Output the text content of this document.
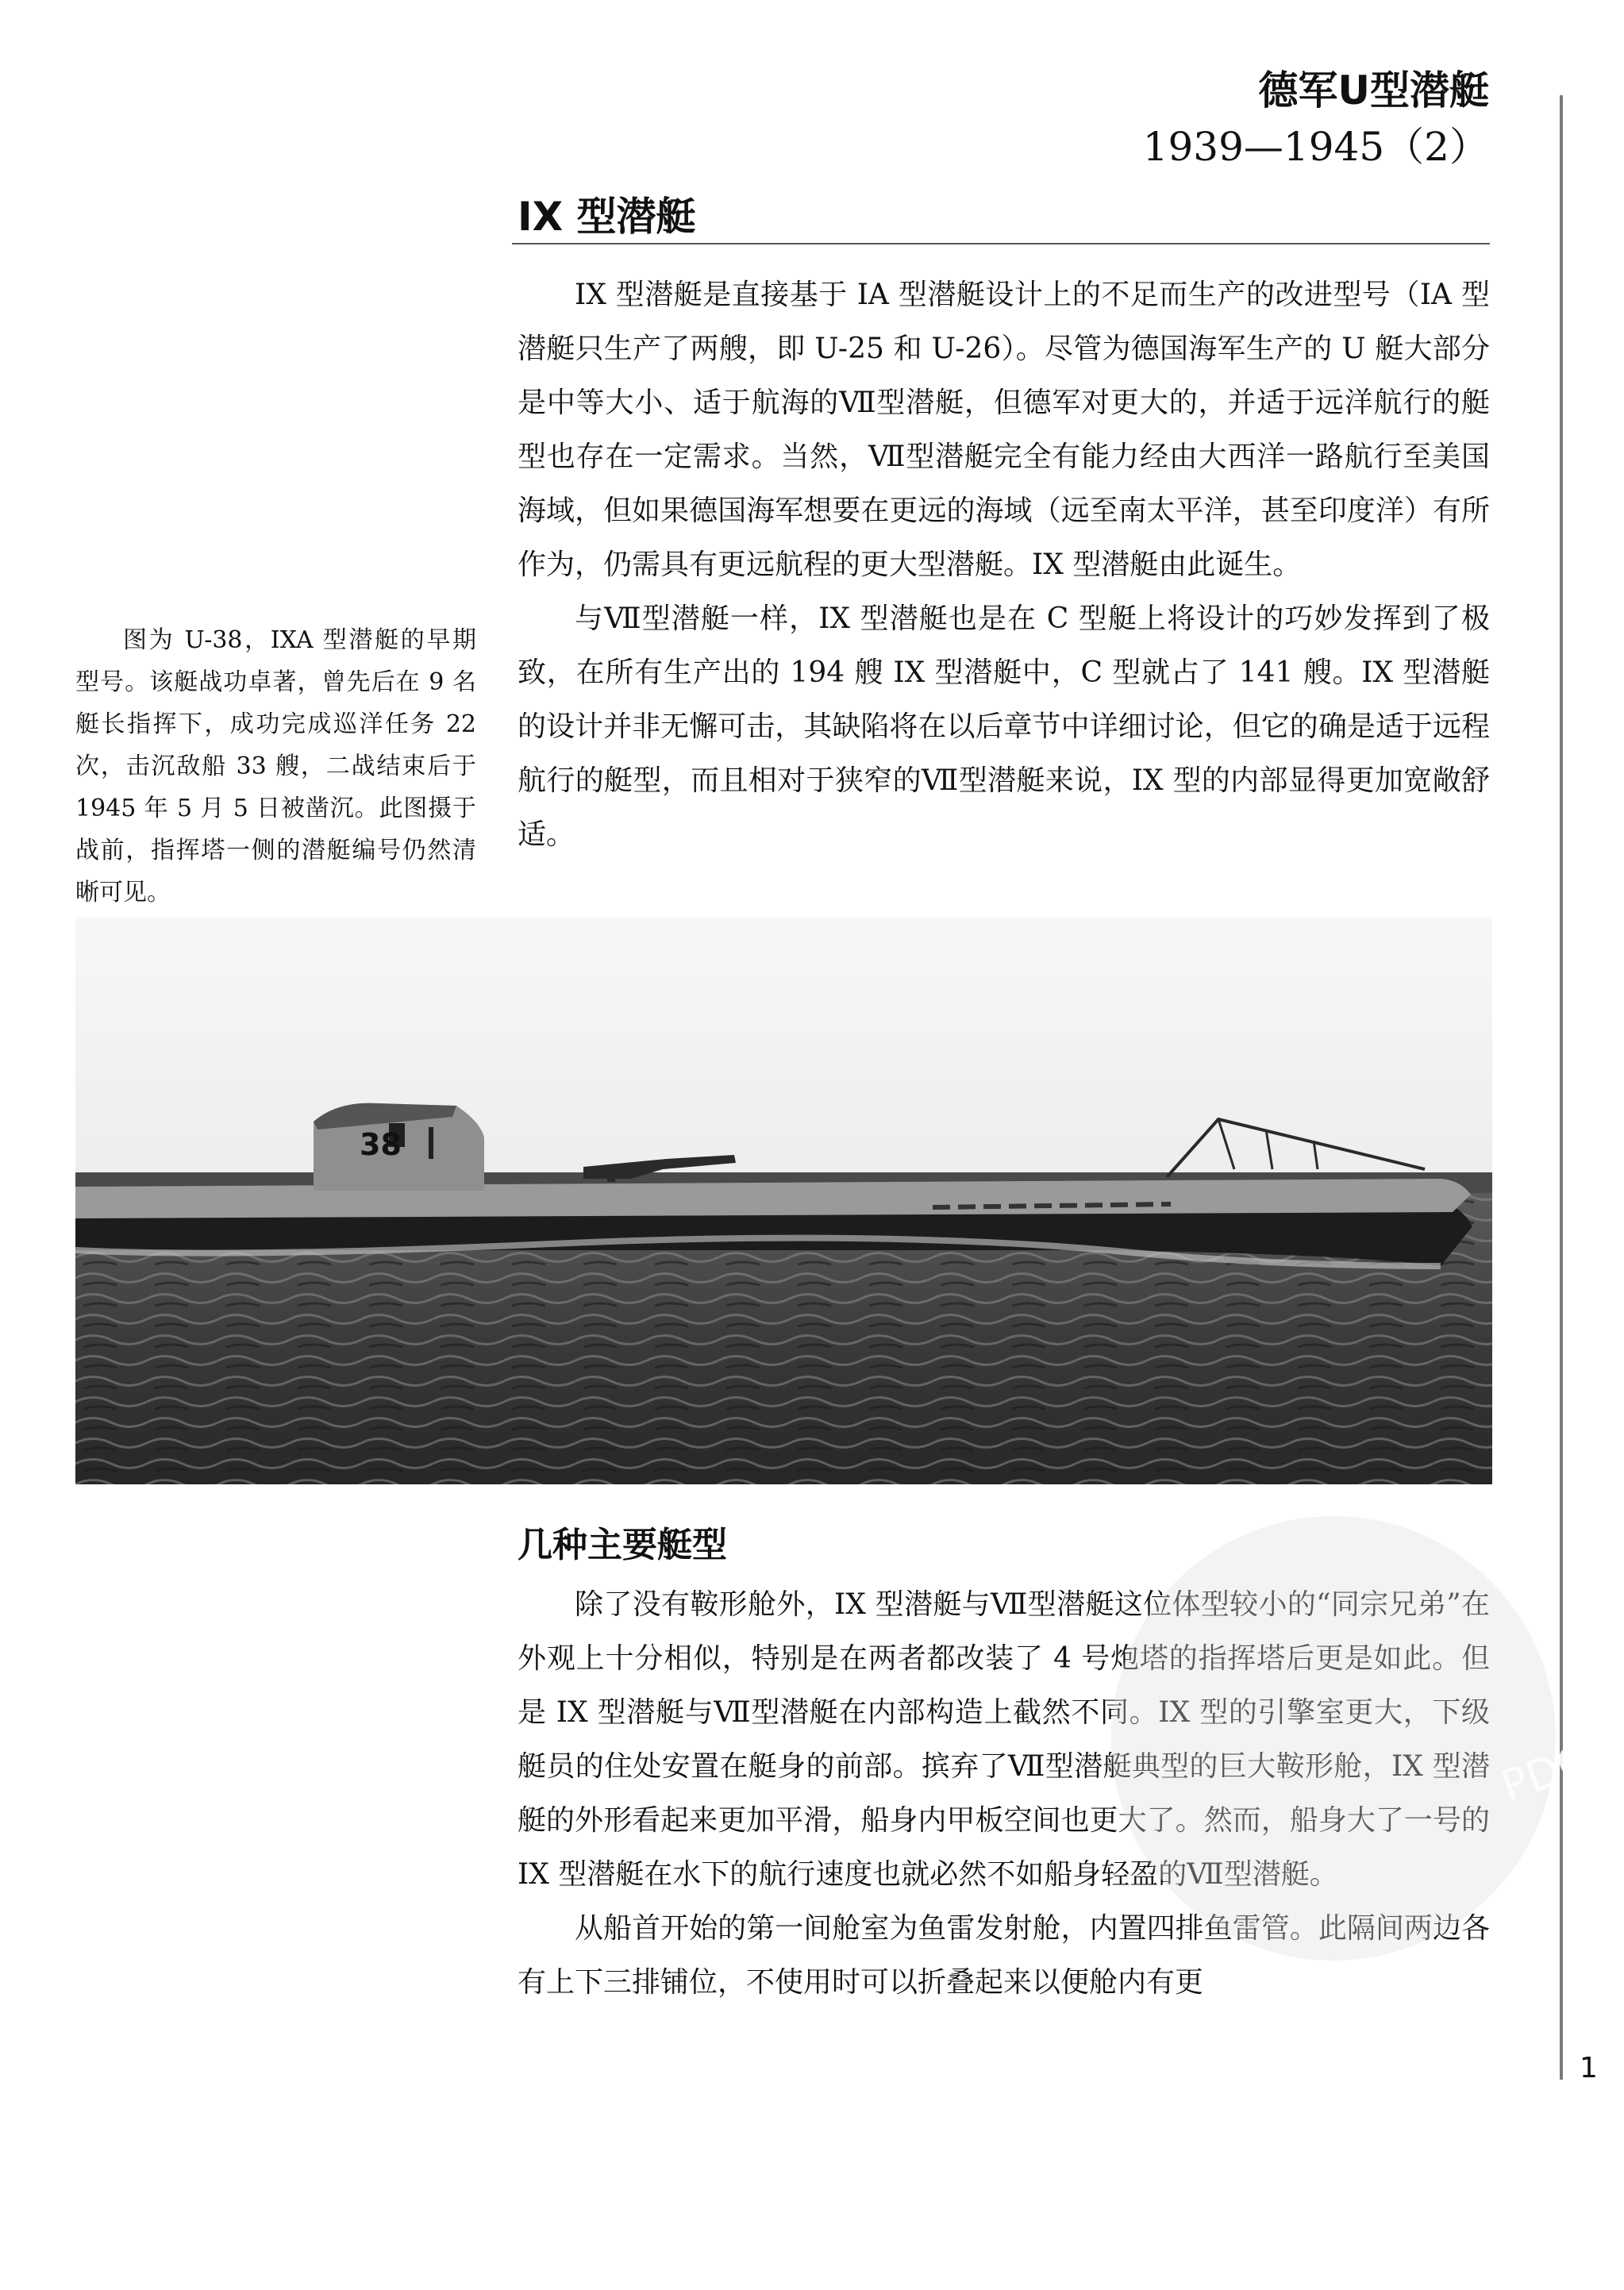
德军U型潜艇
1939—1945（2）
IX 型潜艇

IX 型潜艇是直接基于 IA 型潜艇设计上的不足而生产的改进型号（IA 型潜艇只生产了两艘，即 U-25 和 U-26）。尽管为德国海军生产的 U 艇大部分是中等大小、适于航海的Ⅶ型潜艇，但德军对更大的，并适于远洋航行的艇型也存在一定需求。当然，Ⅶ型潜艇完全有能力经由大西洋一路航行至美国海域，但如果德国海军想要在更远的海域（远至南太平洋，甚至印度洋）有所作为，仍需具有更远航程的更大型潜艇。IX 型潜艇由此诞生。

与Ⅶ型潜艇一样，IX 型潜艇也是在 C 型艇上将设计的巧妙发挥到了极致，在所有生产出的 194 艘 IX 型潜艇中，C 型就占了 141 艘。IX 型潜艇的设计并非无懈可击，其缺陷将在以后章节中详细讨论，但它的确是适于远程航行的艇型，而且相对于狭窄的Ⅶ型潜艇来说，IX 型的内部显得更加宽敞舒适。

图为 U-38，IXA 型潜艇的早期型号。该艇战功卓著，曾先后在 9 名艇长指挥下，成功完成巡洋任务 22 次，击沉敌船 33 艘，二战结束后于 1945 年 5 月 5 日被凿沉。此图摄于战前，指挥塔一侧的潜艇编号仍然清晰可见。

38
几种主要艇型

除了没有鞍形舱外，IX 型潜艇与Ⅶ型潜艇这位体型较小的“同宗兄弟”在外观上十分相似，特别是在两者都改装了 4 号炮塔的指挥塔后更是如此。但是 IX 型潜艇与Ⅶ型潜艇在内部构造上截然不同。IX 型的引擎室更大，下级艇员的住处安置在艇身的前部。摈弃了Ⅶ型潜艇典型的巨大鞍形舱，IX 型潜艇的外形看起来更加平滑，船身内甲板空间也更大了。然而，船身大了一号的 IX 型潜艇在水下的航行速度也就必然不如船身轻盈的Ⅶ型潜艇。

从船首开始的第一间舱室为鱼雷发射舱，内置四排鱼雷管。此隔间两边各有上下三排铺位，不使用时可以折叠起来以便舱内有更

PDG
1
